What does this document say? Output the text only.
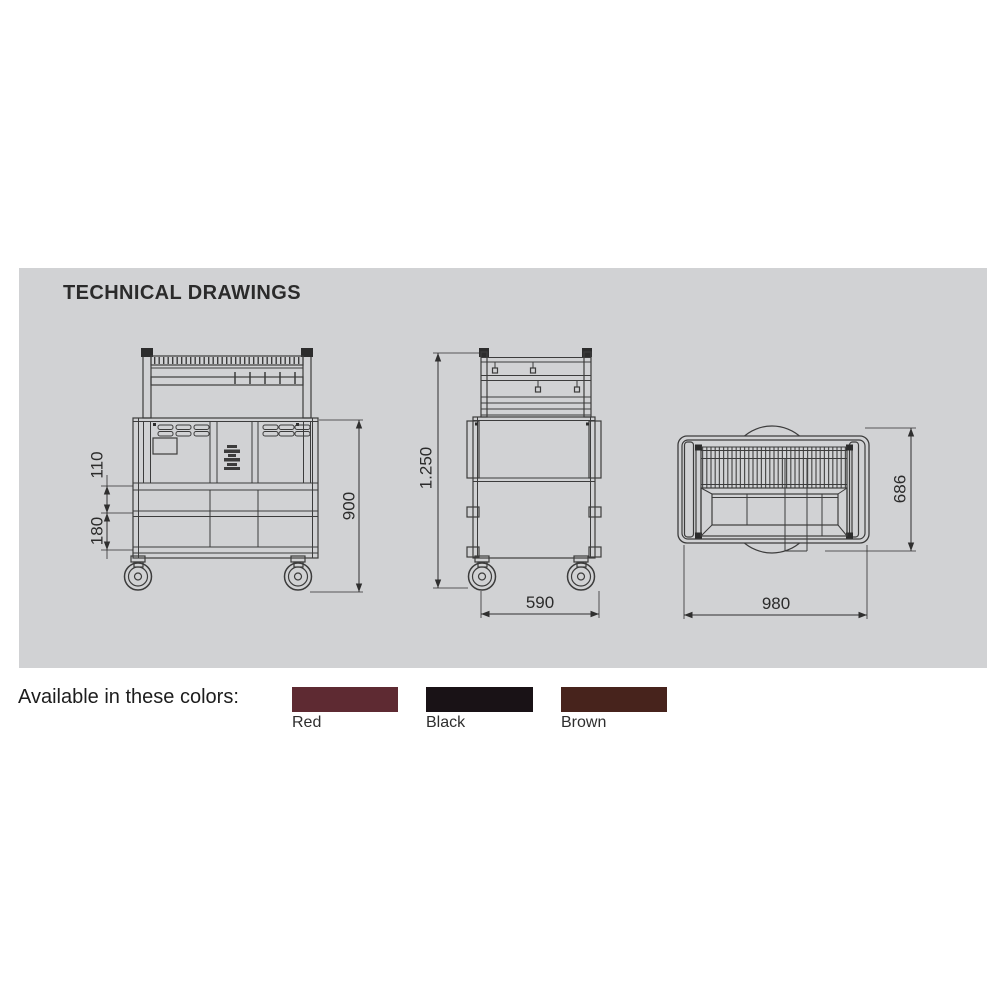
TECHNICAL DRAWINGS
900
110
180
1.250
590
686
980

Available in these colors:

Red	Black	Brown
